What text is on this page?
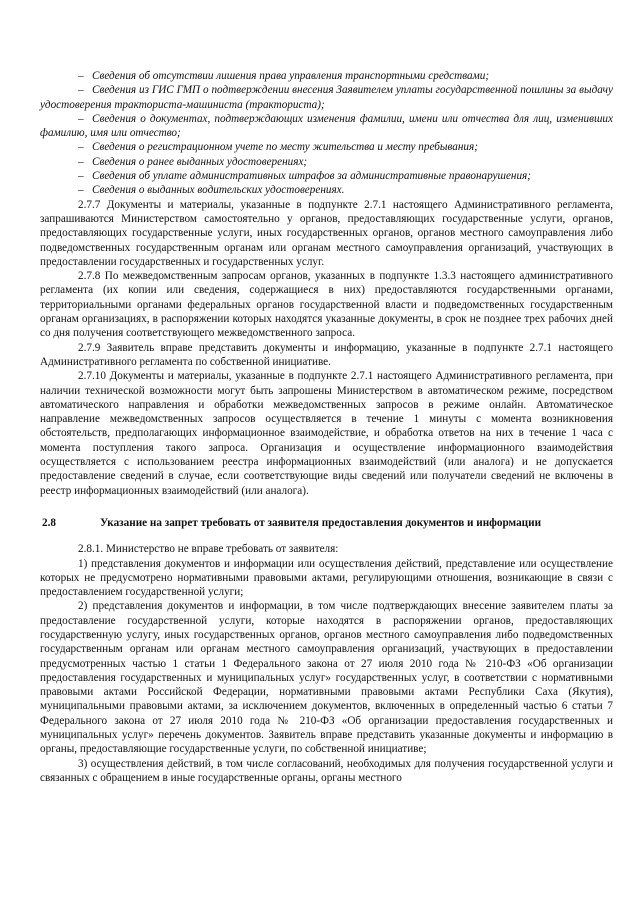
– Сведения об отсутствии лишения права управления транспортными средствами;

– Сведения из ГИС ГМП о подтверждении внесения Заявителем уплаты государственной пошлины за выдачу удостоверения тракториста-машиниста (тракториста);

– Сведения о документах, подтверждающих изменения фамилии, имени или отчества для лиц, изменивших фамилию, имя или отчество;

– Сведения о регистрационном учете по месту жительства и месту пребывания;

– Сведения о ранее выданных удостоверениях;

– Сведения об уплате административных штрафов за административные правонарушения;

– Сведения о выданных водительских удостоверениях.

2.7.7 Документы и материалы, указанные в подпункте 2.7.1 настоящего Административного регламента, запрашиваются Министерством самостоятельно у органов, предоставляющих государственные услуги, органов, предоставляющих государственные услуги, иных государственных органов, органов местного самоуправления либо подведомственных государственным органам или органам местного самоуправления организаций, участвующих в предоставлении государственных и государственных услуг.

2.7.8 По межведомственным запросам органов, указанных в подпункте 1.3.3 настоящего административного регламента (их копии или сведения, содержащиеся в них) предоставляются государственными органами, территориальными органами федеральных органов государственной власти и подведомственных государственным органам организациях, в распоряжении которых находятся указанные документы, в срок не позднее трех рабочих дней со дня получения соответствующего межведомственного запроса.

2.7.9 Заявитель вправе представить документы и информацию, указанные в подпункте 2.7.1 настоящего Административного регламента по собственной инициативе.

2.7.10 Документы и материалы, указанные в подпункте 2.7.1 настоящего Административного регламента, при наличии технической возможности могут быть запрошены Министерством в автоматическом режиме, посредством автоматического направления и обработки межведомственных запросов в режиме онлайн. Автоматическое направление межведомственных запросов осуществляется в течение 1 минуты с момента возникновения обстоятельств, предполагающих информационное взаимодействие, и обработка ответов на них в течение 1 часа с момента поступления такого запроса. Организация и осуществление информационного взаимодействия осуществляется с использованием реестра информационных взаимодействий (или аналога) и не допускается предоставление сведений в случае, если соответствующие виды сведений или получатели сведений не включены в реестр информационных взаимодействий (или аналога).

2.8	Указание на запрет требовать от заявителя предоставления документов и информации

2.8.1. Министерство не вправе требовать от заявителя:

1) представления документов и информации или осуществления действий, представление или осуществление которых не предусмотрено нормативными правовыми актами, регулирующими отношения, возникающие в связи с предоставлением государственной услуги;

2) представления документов и информации, в том числе подтверждающих внесение заявителем платы за предоставление государственной услуги, которые находятся в распоряжении органов, предоставляющих государственную услугу, иных государственных органов, органов местного самоуправления либо подведомственных государственным органам или органам местного самоуправления организаций, участвующих в предоставлении предусмотренных частью 1 статьи 1 Федерального закона от 27 июля 2010 года № 210-ФЗ «Об организации предоставления государственных и муниципальных услуг» государственных услуг, в соответствии с нормативными правовыми актами Российской Федерации, нормативными правовыми актами Республики Саха (Якутия), муниципальными правовыми актами, за исключением документов, включенных в определенный частью 6 статьи 7 Федерального закона от 27 июля 2010 года № 210-ФЗ «Об организации предоставления государственных и муниципальных услуг» перечень документов. Заявитель вправе представить указанные документы и информацию в органы, предоставляющие государственные услуги, по собственной инициативе;

3) осуществления действий, в том числе согласований, необходимых для получения государственной услуги и связанных с обращением в иные государственные органы, органы местного
